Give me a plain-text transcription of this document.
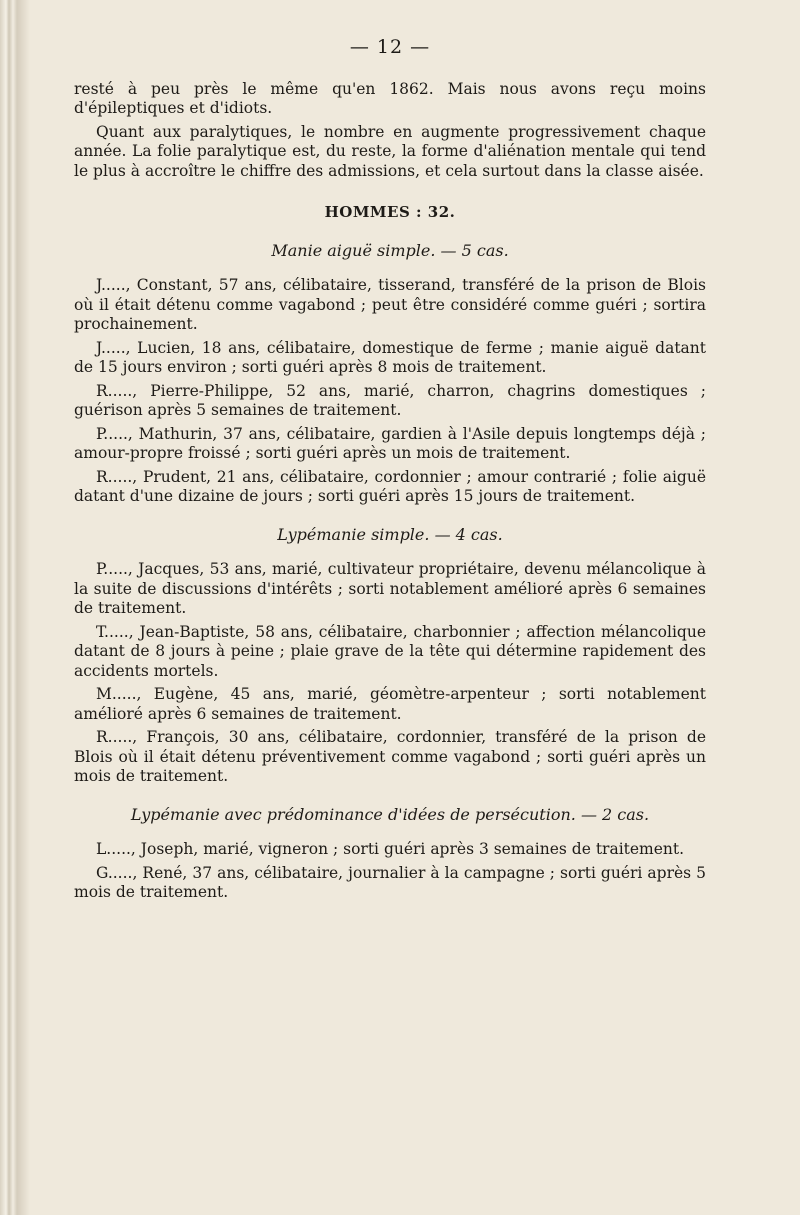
— 12 —

resté à peu près le même qu'en 1862. Mais nous avons reçu moins d'épileptiques et d'idiots.

Quant aux paralytiques, le nombre en augmente progressivement chaque année. La folie paralytique est, du reste, la forme d'aliénation mentale qui tend le plus à accroître le chiffre des admissions, et cela surtout dans la classe aisée.

HOMMES : 32.
Manie aiguë simple. — 5 cas.

J....., Constant, 57 ans, célibataire, tisserand, transféré de la prison de Blois où il était détenu comme vagabond ; peut être considéré comme guéri ; sortira prochainement.

J....., Lucien, 18 ans, célibataire, domestique de ferme ; manie aiguë datant de 15 jours environ ; sorti guéri après 8 mois de traitement.

R....., Pierre-Philippe, 52 ans, marié, charron, chagrins domestiques ; guérison après 5 semaines de traitement.

P....., Mathurin, 37 ans, célibataire, gardien à l'Asile depuis longtemps déjà ; amour-propre froissé ; sorti guéri après un mois de traitement.

R....., Prudent, 21 ans, célibataire, cordonnier ; amour contrarié ; folie aiguë datant d'une dizaine de jours ; sorti guéri après 15 jours de traitement.

Lypémanie simple. — 4 cas.

P....., Jacques, 53 ans, marié, cultivateur propriétaire, devenu mélancolique à la suite de discussions d'intérêts ; sorti notablement amélioré après 6 semaines de traitement.

T....., Jean-Baptiste, 58 ans, célibataire, charbonnier ; affection mélancolique datant de 8 jours à peine ; plaie grave de la tête qui détermine rapidement des accidents mortels.

M....., Eugène, 45 ans, marié, géomètre-arpenteur ; sorti notablement amélioré après 6 semaines de traitement.

R....., François, 30 ans, célibataire, cordonnier, transféré de la prison de Blois où il était détenu préventivement comme vagabond ; sorti guéri après un mois de traitement.

Lypémanie avec prédominance d'idées de persécution. — 2 cas.

L....., Joseph, marié, vigneron ; sorti guéri après 3 semaines de traitement.

G....., René, 37 ans, célibataire, journalier à la campagne ; sorti guéri après 5 mois de traitement.
